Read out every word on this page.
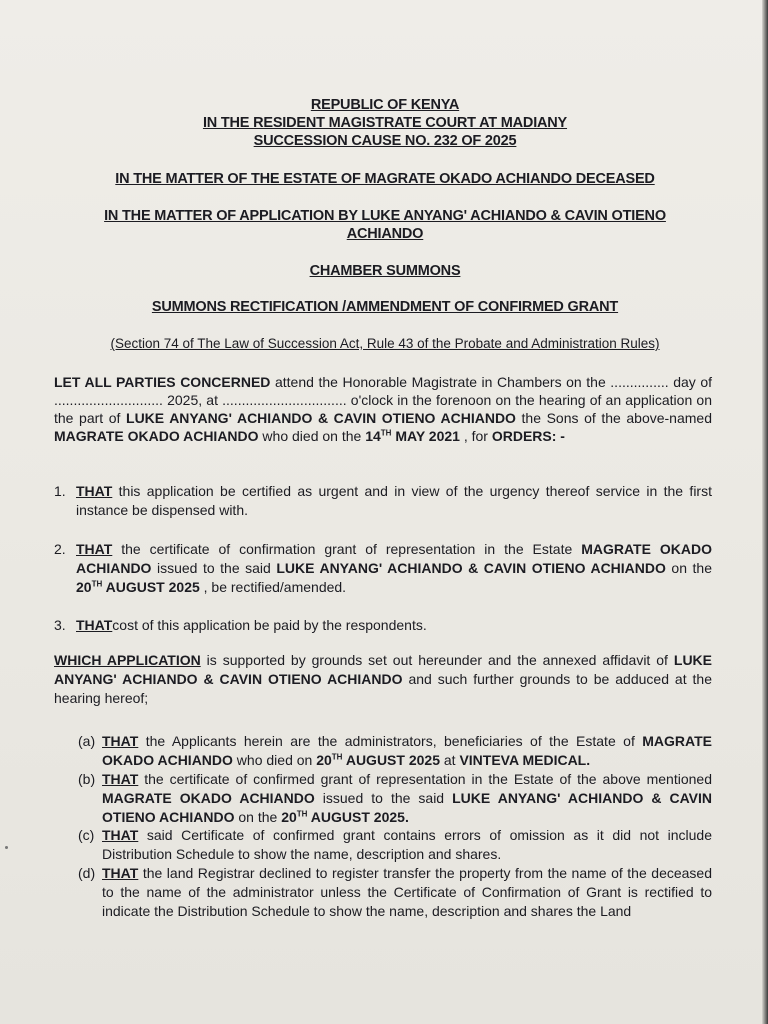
REPUBLIC OF KENYA
IN THE RESIDENT MAGISTRATE COURT AT MADIANY
SUCCESSION CAUSE NO. 232 OF 2025
IN THE MATTER OF THE ESTATE OF MAGRATE OKADO ACHIANDO DECEASED
IN THE MATTER OF APPLICATION BY LUKE ANYANG' ACHIANDO & CAVIN OTIENO
ACHIANDO
CHAMBER SUMMONS
SUMMONS RECTIFICATION /AMMENDMENT OF CONFIRMED GRANT
(Section 74 of The Law of Succession Act, Rule 43 of the Probate and Administration Rules)
LET ALL PARTIES CONCERNED attend the Honorable Magistrate in Chambers on the ............... day of ............................ 2025, at ................................ o'clock in the forenoon on the hearing of an application on the part of LUKE ANYANG' ACHIANDO & CAVIN OTIENO ACHIANDO the Sons of the above-named MAGRATE OKADO ACHIANDO who died on the 14TH MAY 2021 , for ORDERS: -
1. THAT this application be certified as urgent and in view of the urgency thereof service in the first instance be dispensed with.
2. THAT the certificate of confirmation grant of representation in the Estate MAGRATE OKADO ACHIANDO issued to the said LUKE ANYANG' ACHIANDO & CAVIN OTIENO ACHIANDO on the 20TH AUGUST 2025 , be rectified/amended.
3. THATcost of this application be paid by the respondents.
WHICH APPLICATION is supported by grounds set out hereunder and the annexed affidavit of LUKE ANYANG' ACHIANDO & CAVIN OTIENO ACHIANDO and such further grounds to be adduced at the hearing hereof;
(a) THAT the Applicants herein are the administrators, beneficiaries of the Estate of MAGRATE OKADO ACHIANDO who died on 20TH AUGUST 2025 at VINTEVA MEDICAL.
(b) THAT the certificate of confirmed grant of representation in the Estate of the above mentioned MAGRATE OKADO ACHIANDO issued to the said LUKE ANYANG' ACHIANDO & CAVIN OTIENO ACHIANDO on the 20TH AUGUST 2025.
(c) THAT said Certificate of confirmed grant contains errors of omission as it did not include Distribution Schedule to show the name, description and shares.
(d) THAT the land Registrar declined to register transfer the property from the name of the deceased to the name of the administrator unless the Certificate of Confirmation of Grant is rectified to indicate the Distribution Schedule to show the name, description and shares the Land
